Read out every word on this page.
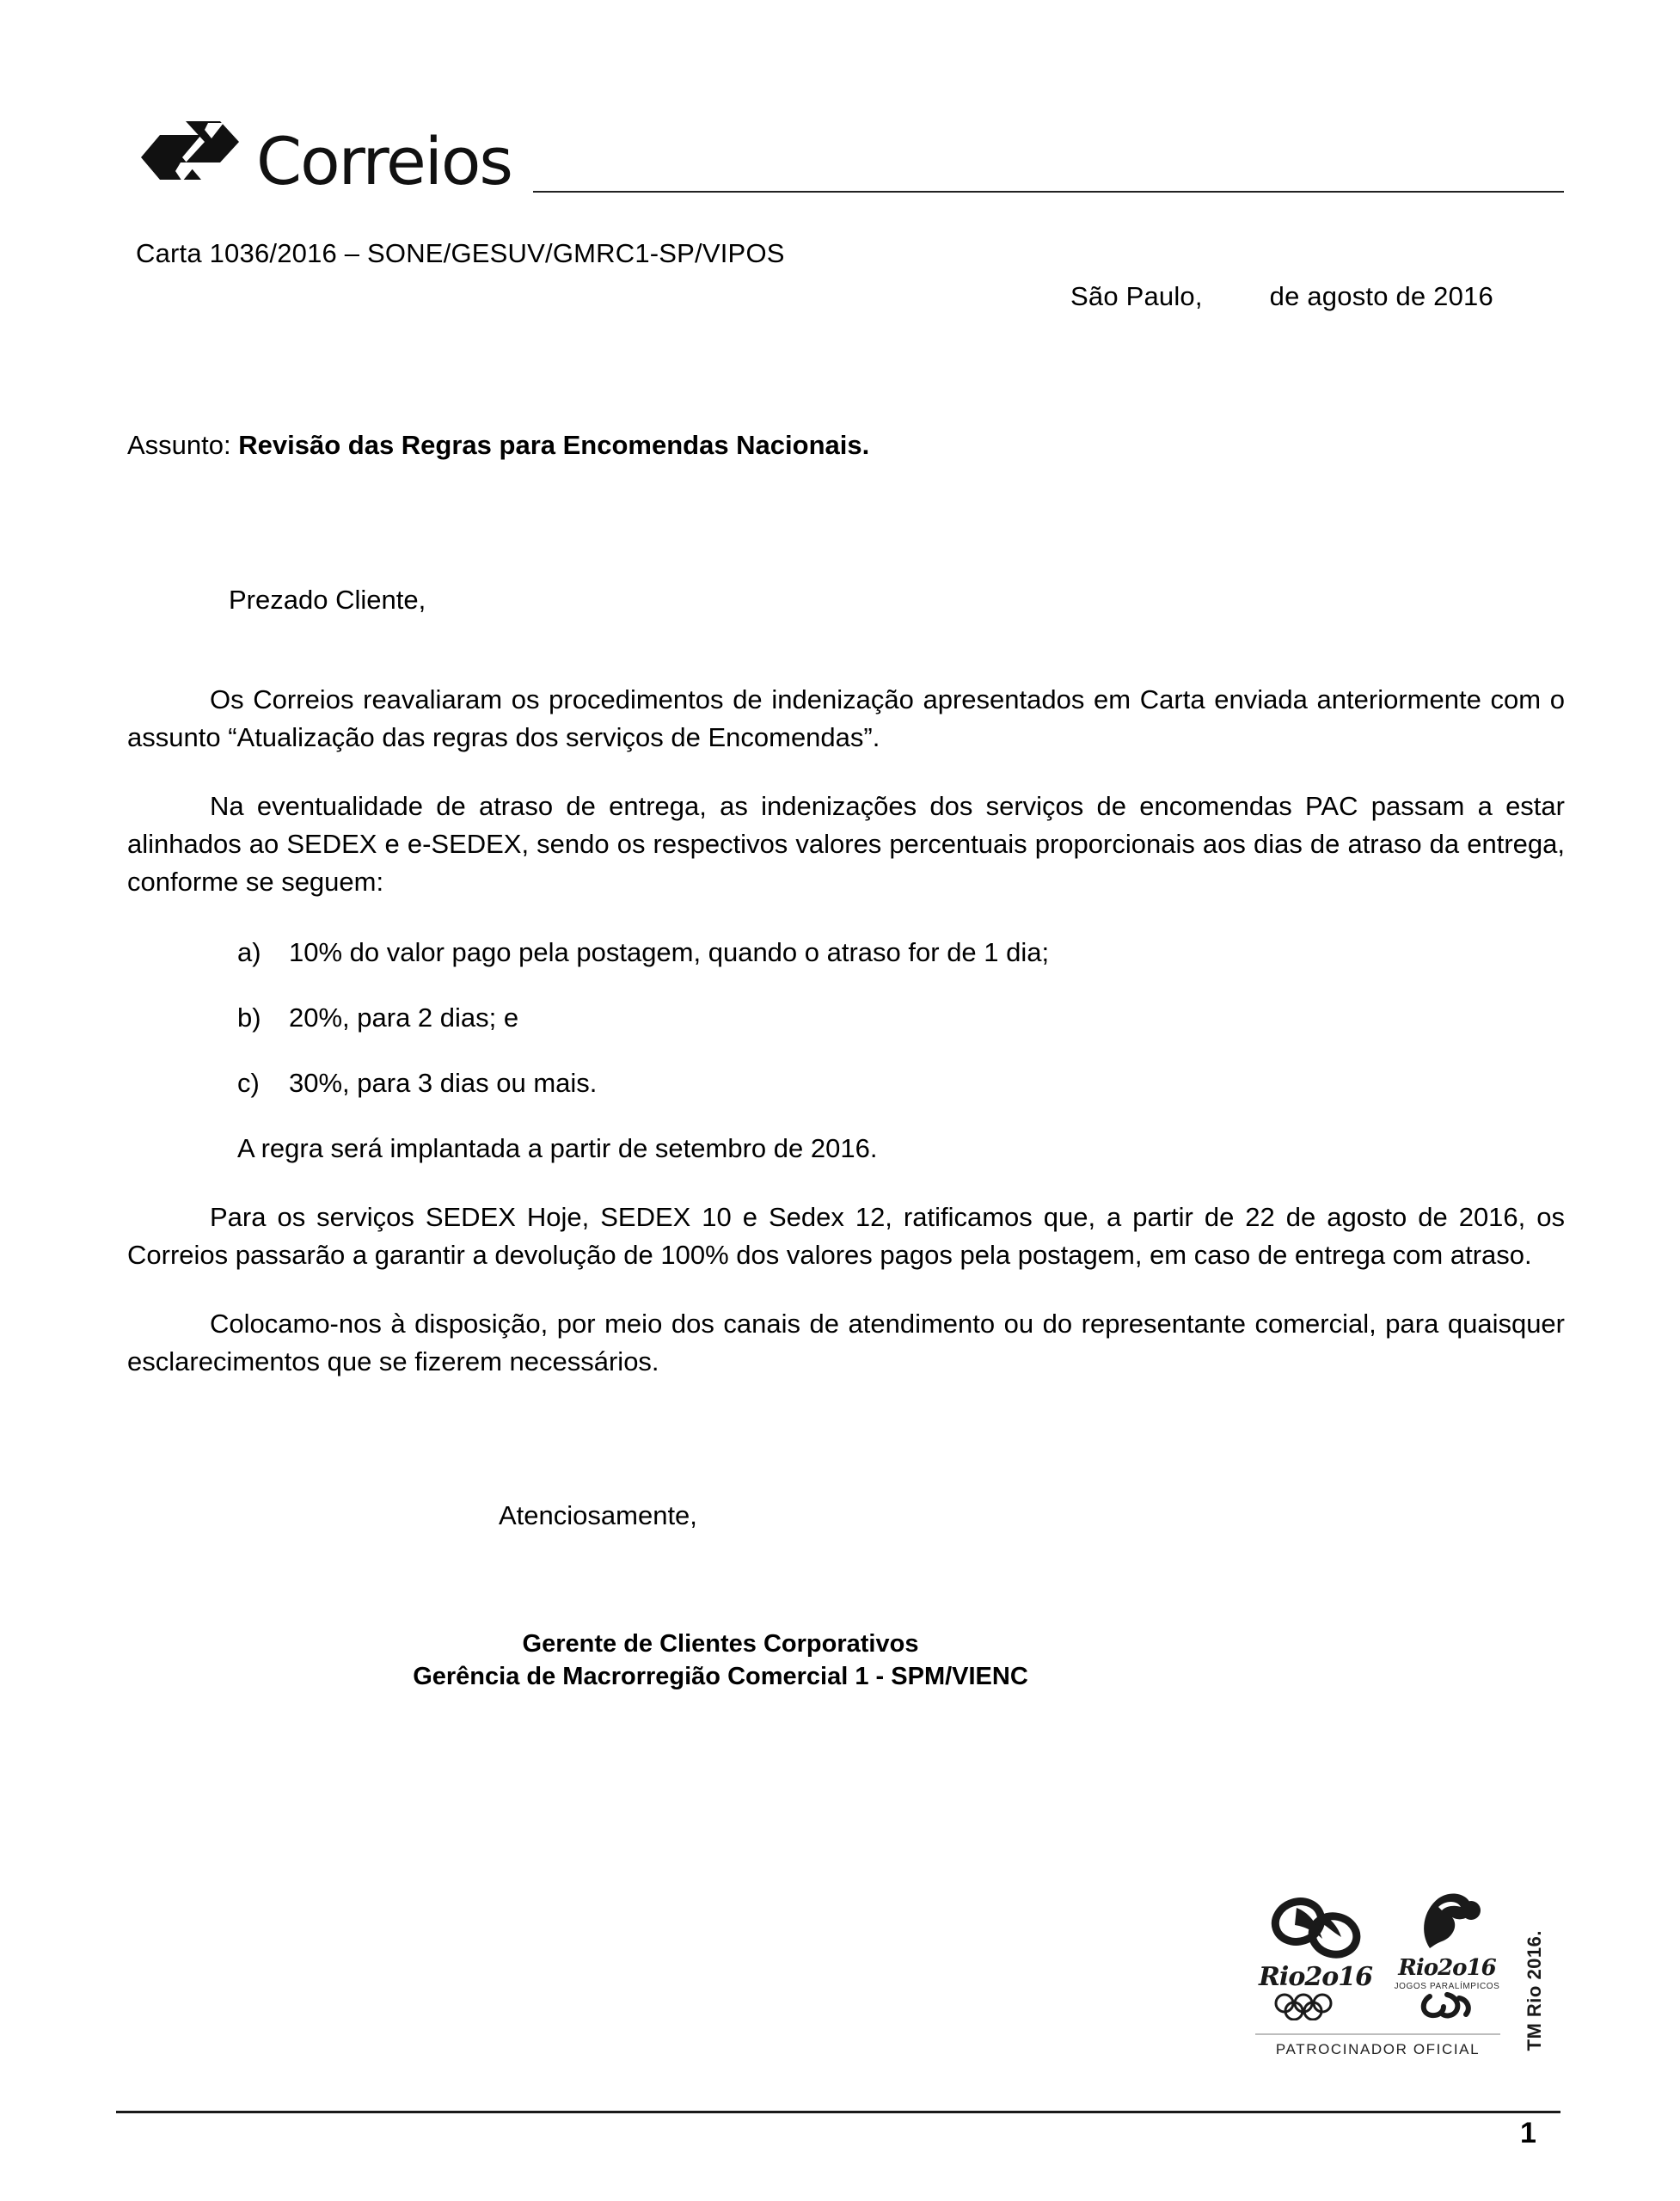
Correios
Carta 1036/2016 – SONE/GESUV/GMRC1-SP/VIPOS
São Paulo,	de agosto de 2016
Assunto: Revisão das Regras para Encomendas Nacionais.
Prezado Cliente,

Os Correios reavaliaram os procedimentos de indenização apresentados em Carta enviada anteriormente com o assunto “Atualização das regras dos serviços de Encomendas”.

Na eventualidade de atraso de entrega, as indenizações dos serviços de encomendas PAC passam a estar alinhados ao SEDEX e e-SEDEX, sendo os respectivos valores percentuais proporcionais aos dias de atraso da entrega, conforme se seguem:

a) 10% do valor pago pela postagem, quando o atraso for de 1 dia;
b) 20%, para 2 dias; e
c) 30%, para 3 dias ou mais.
A regra será implantada a partir de setembro de 2016.

Para os serviços SEDEX Hoje, SEDEX 10 e Sedex 12, ratificamos que, a partir de 22 de agosto de 2016, os Correios passarão a garantir a devolução de 100% dos valores pagos pela postagem, em caso de entrega com atraso.

Colocamo-nos à disposição, por meio dos canais de atendimento ou do representante comercial, para quaisquer esclarecimentos que se fizerem necessários.

Atenciosamente,
Gerente de Clientes Corporativos
Gerência de Macrorregião Comercial 1 - SPM/VIENC
Rio2o16	Rio2o16
JOGOS PARALÍMPICOS
PATROCINADOR OFICIAL	TM Rio 2016.
1
